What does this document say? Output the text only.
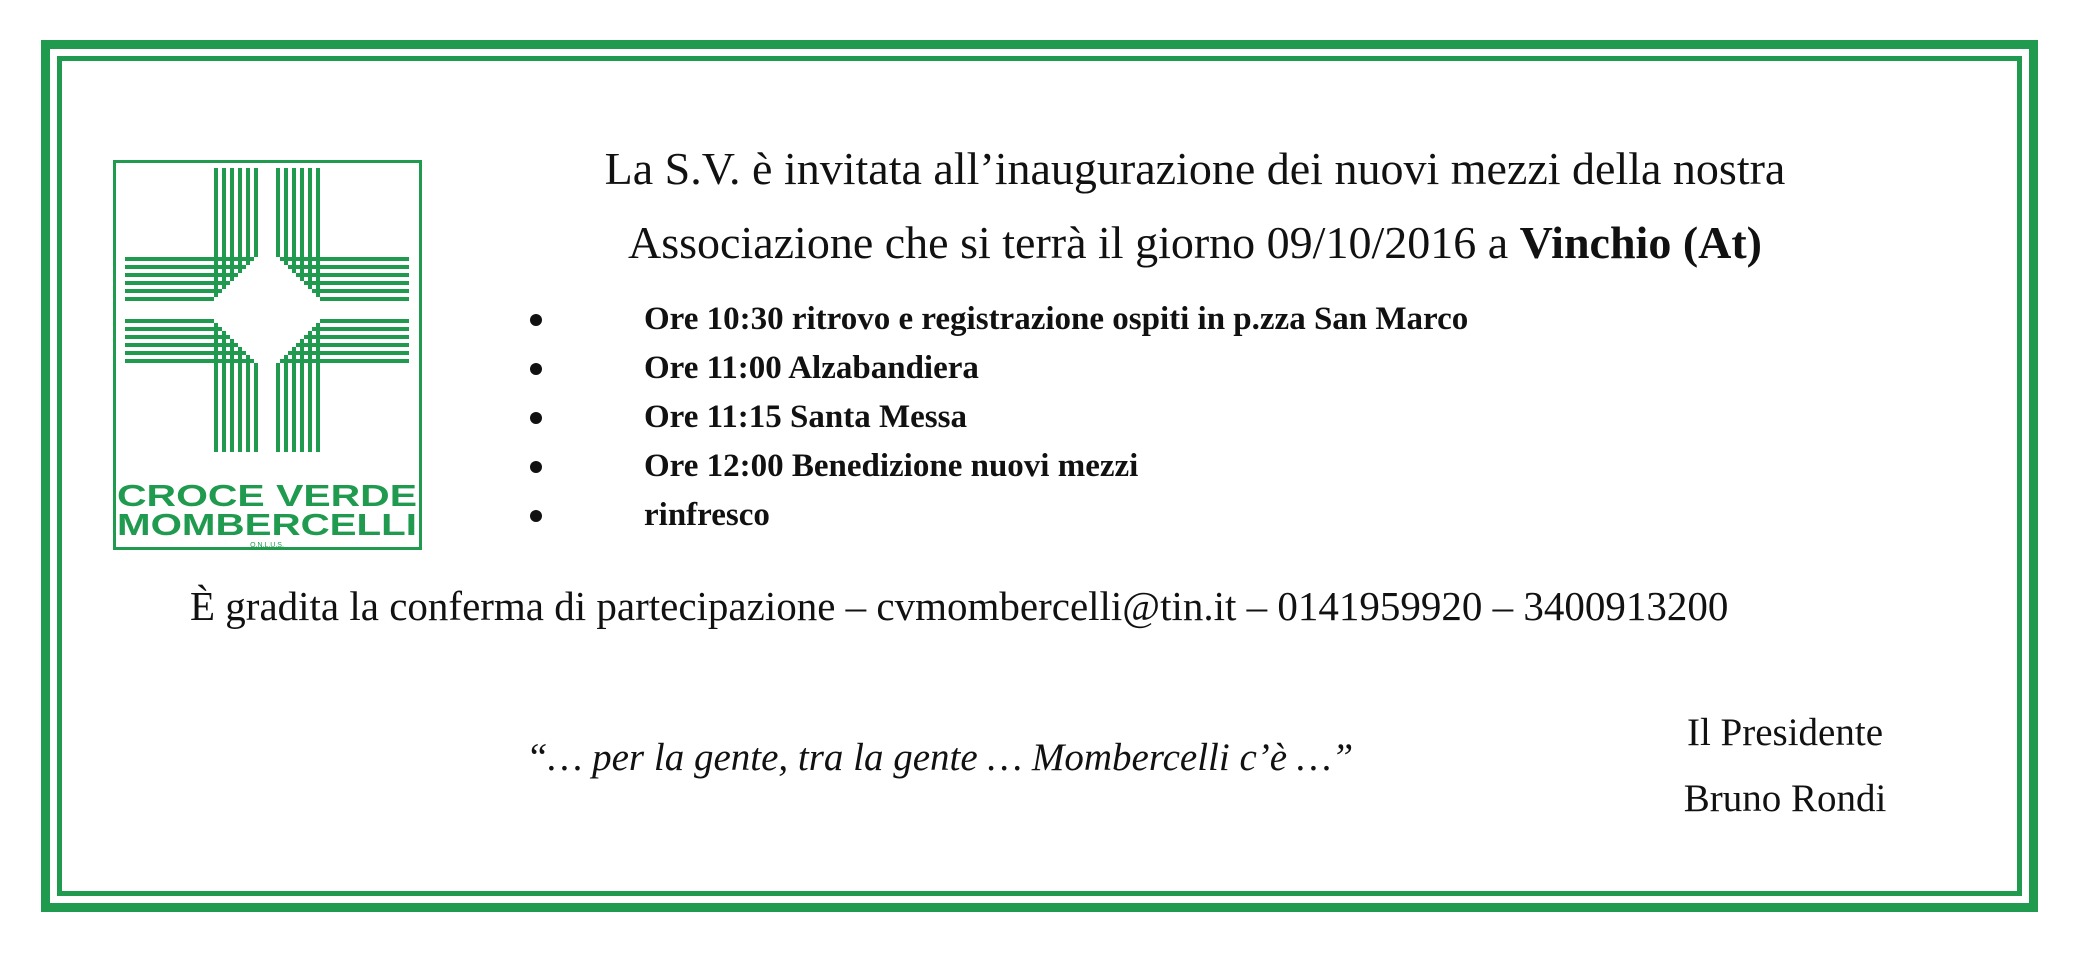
CROCE VERDE
MOMBERCELLI
O.N.L.U.S.
La S.V. è invitata all’inaugurazione dei nuovi mezzi della nostra
Associazione che si terrà il giorno 09/10/2016 a Vinchio (At)
Ore 10:30 ritrovo e registrazione ospiti in p.zza San Marco
Ore 11:00 Alzabandiera
Ore 11:15 Santa Messa
Ore 12:00 Benedizione nuovi mezzi
rinfresco
È gradita la conferma di partecipazione – cvmombercelli@tin.it – 0141959920 – 3400913200
“… per la gente, tra la gente … Mombercelli c’è …”
Il Presidente
Bruno Rondi
